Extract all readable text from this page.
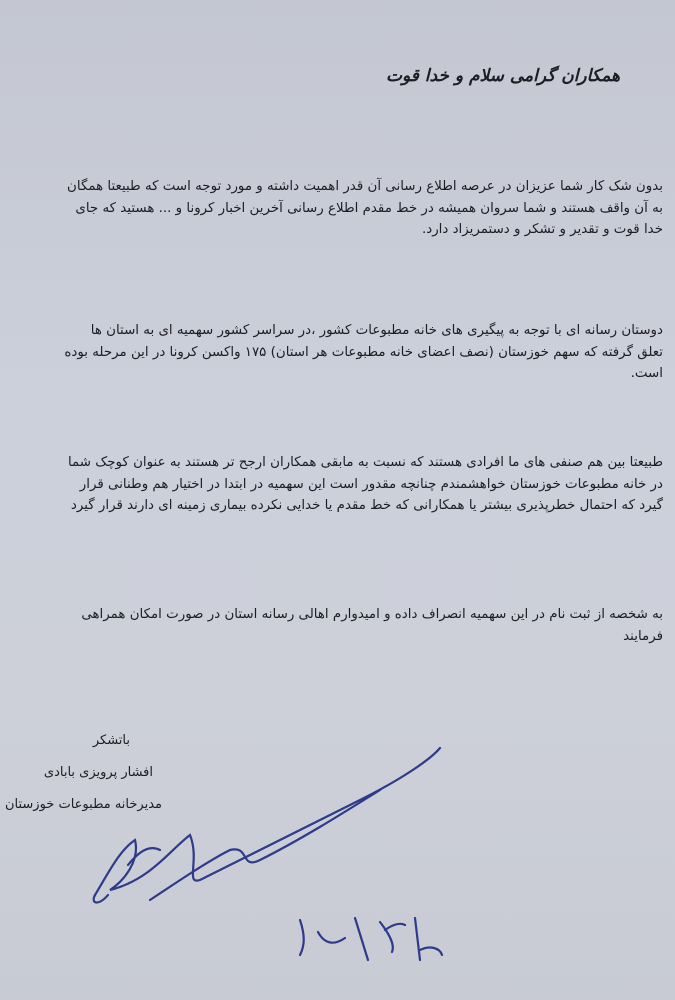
همکاران گرامی سلام و خدا قوت
بدون شک کار شما عزیزان در عرصه اطلاع رسانی آن قدر اهمیت داشته و مورد توجه است که طبیعتا همگان به آن واقف هستند و شما سروان همیشه در خط مقدم اطلاع رسانی آخرین اخبار کرونا و ... هستید که جای خدا قوت و تقدیر و تشکر و دستمریزاد دارد.
دوستان رسانه ای با توجه به پیگیری های خانه مطبوعات کشور ،در سراسر کشور سهمیه ای به استان ها تعلق گرفته که سهم خوزستان (نصف اعضای خانه مطبوعات هر استان) ۱۷۵ واکسن کرونا در این مرحله بوده است.
طبیعتا بین هم صنفی های ما افرادی هستند که نسبت به مابقی همکاران ارجح تر هستند به عنوان کوچک شما در خانه مطبوعات خوزستان خواهشمندم چنانچه مقدور است این سهمیه در ابتدا در اختیار هم وطنانی قرار گیرد که احتمال خطرپذیری بیشتر یا همکارانی که خط مقدم یا خدایی نکرده بیماری زمینه ای دارند قرار گیرد
به شخصه از ثبت نام در این سهمیه انصراف داده و امیدوارم اهالی رسانه استان در صورت امکان همراهی فرمایند
باتشکر
افشار پرویزی بابادی
مدیرخانه مطبوعات خوزستان
